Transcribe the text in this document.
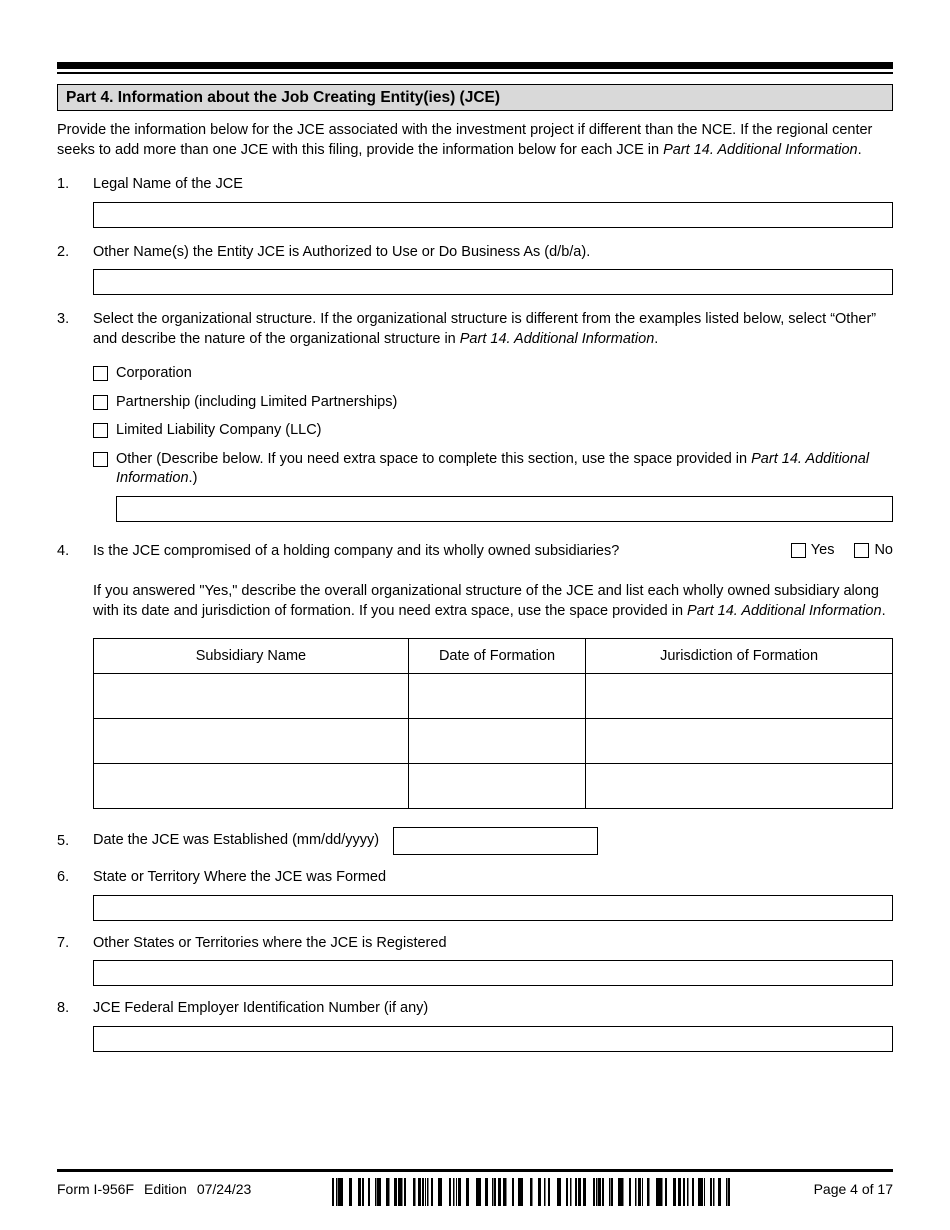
Part 4. Information about the Job Creating Entity(ies) (JCE)
Provide the information below for the JCE associated with the investment project if different than the NCE. If the regional center seeks to add more than one JCE with this filing, provide the information below for each JCE in Part 14. Additional Information.
1.	Legal Name of the JCE
2.	Other Name(s) the Entity JCE is Authorized to Use or Do Business As (d/b/a).
3.	Select the organizational structure. If the organizational structure is different from the examples listed below, select “Other” and describe the nature of the organizational structure in Part 14. Additional Information.
Corporation
Partnership (including Limited Partnerships)
Limited Liability Company (LLC)
Other (Describe below. If you need extra space to complete this section, use the space provided in Part 14. Additional Information.)
4.	Is the JCE compromised of a holding company and its wholly owned subsidiaries?	Yes	No
If you answered "Yes," describe the overall organizational structure of the JCE and list each wholly owned subsidiary along with its date and jurisdiction of formation. If you need extra space, use the space provided in Part 14. Additional Information.
Subsidiary Name	Date of Formation	Jurisdiction of Formation

5.	Date the JCE was Established (mm/dd/yyyy)
6.	State or Territory Where the JCE was Formed
7.	Other States or Territories where the JCE is Registered
8.	JCE Federal Employer Identification Number (if any)
Form I-956F Edition 07/24/23	Page 4 of 17
